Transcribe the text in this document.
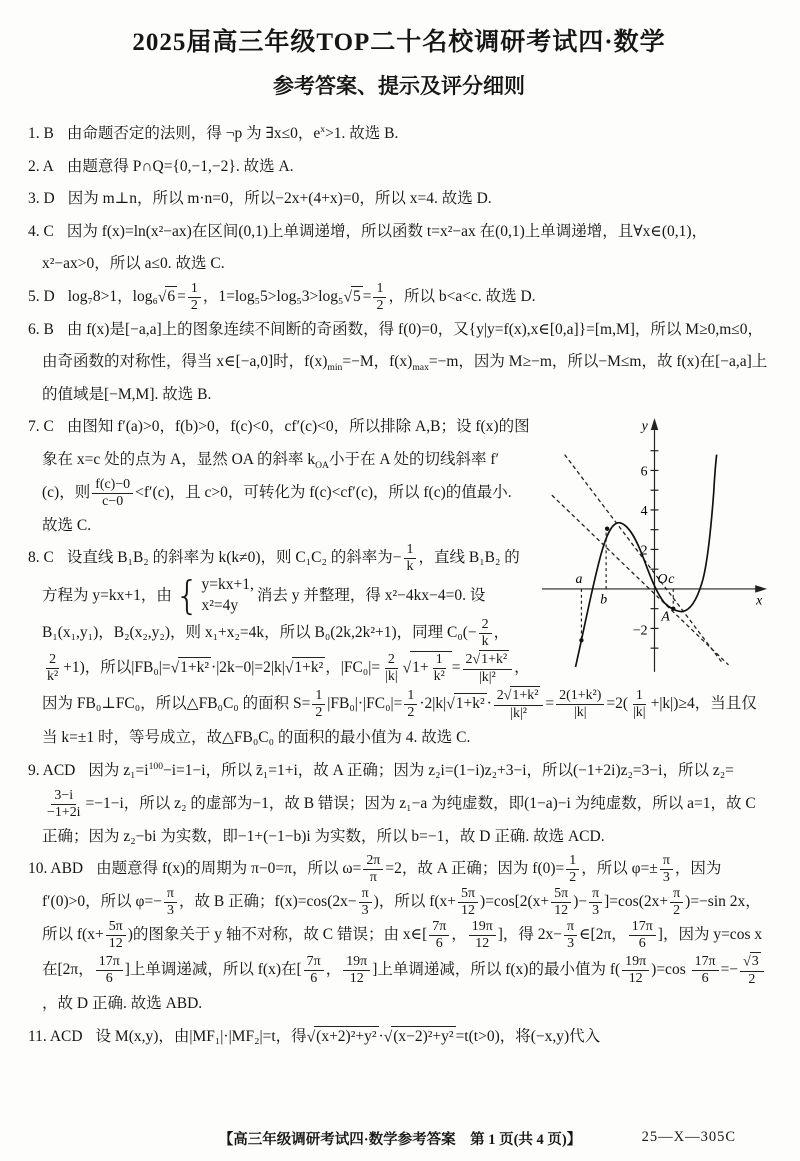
2025届高三年级TOP二十名校调研考试四·数学
参考答案、提示及评分细则
1. B 由命题否定的法则，得 ¬p 为 ∃x≤0，$e^x>1$. 故选 B.
2. A 由题意得 P∩Q={0,−1,−2}. 故选 A.
3. D 因为 m⊥n，所以 m·n=0，所以−2x+(4+x)=0，所以 x=4. 故选 D.
4. C 因为 f(x)=ln(x²−ax)在区间(0,1)上单调递增，所以函数 t=x²−ax 在(0,1)上单调递增，且∀x∈(0,1)，x²−ax>0，所以 a≤0. 故选 C.
5. D log₇8>1，$\log_6√6 = \frac{1}{2}$ ，$1=\log_55>\log_53>\log_5√5 = \frac{1}{2}$ ，所以 b<a<c. 故选 D.
6. B 由 f(x)是[−a,a]上的图象连续不间断的奇函数，得 f(0)=0，又{y|y=f(x),x∈[0,a]}=[m,M]，所以 M≥0,m≤0，由奇函数的对称性，得当 x∈[−a,0]时，$f(x)_{min}=-M$，$f(x)_{max}=-m$，因为 M≥−m，所以−M≤m，故 f(x)在[−a,a]上的值域是[−M,M]. 故选 B.
6
4
2
−2
a
b
O c
A
x
y
7. C 由图知 f′(a)>0，f(b)>0，f(c)<0，cf′(c)<0，所以排除 A,B；设 f(x)的图象在 x=c 处的点为 A，显然 OA 的斜率 $k_{OA}$小于在 A 处的切线斜率 f′(c)，则 $\frac{f(c)-0}{c-0} <f'(c)$，且 c>0，可转化为 f(c)<cf′(c)，所以 f(c)的值最小. 故选 C.
8. C 设直线 B₁B₂ 的斜率为 k(k≠0)，则 C₁C₂ 的斜率为− $\frac{1}{k}$ ，直线 B₁B₂ 的方程为 y=kx+1，由 { y=kx+1,
x²=4y
消去 y 并整理，得 x²−4kx−4=0. 设 B₁(x₁,y₁)，B₂(x₂,y₂)，则 x₁+x₂=4k，所以 B₀(2k,2k²+1)，同理 $C_0(- \frac{2}{k}$ ，
$\frac{2}{\text{k²}} +1$)，所以|FB₀|=√1+k² ·|2k−0|=2|k|√1+k² ，$|FC_0|= \frac{2}{|k|} √1+ \frac{1}{\text{k²}} = \frac{\text{2√1+k²}}{\text{|k|²}}$ ，因为 FB₀⊥FC₀，所以△FB₀C₀ 的面积 $S= \frac{1}{2} |FB_0|\cdot|FC_0|= \frac{1}{2} \cdot 2|k|√1+k^2 \cdot \frac{\text{2√1+k²}}{\text{|k|²}} = \frac{\text{2(1+k²)}}{|k|} =2( \frac{1}{|k|} +|k|)\ge 4$，当且仅当 k=±1 时，等号成立，故△FB₀C₀ 的面积的最小值为 4. 故选 C.
9. ACD 因为 $z_1=i^{100}-i=1-i$，所以 z̄₁=1+i，故 A 正确；因为 z₂i=(1−i)z₂+3−i，所以(−1+2i)z₂=3−i，所以 z₂=
$\frac{3-i}{-1+2i} =-1-i$，所以 z₂ 的虚部为−1，故 B 错误；因为 z₁−a 为纯虚数，即(1−a)−i 为纯虚数，所以 a=1，故 C 正确；因为 z₂−bi 为实数，即−1+(−1−b)i 为实数，所以 b=−1，故 D 正确. 故选 ACD.
10. ABD 由题意得 f(x)的周期为 π−0=π，所以 $\omega= \frac{2\pi}{\pi} =2$，故 A 正确；因为 $f(0)= \frac{1}{2}$ ，所以 $\varphi=\pm \frac{\pi}{3}$ ，因为 f′(0)>0，所以 $\varphi=- \frac{\pi}{3}$ ，故 B 正确；$f(x)=\cos(2x- \frac{\pi}{3}$ )，所以 $f(x+ \frac{5\pi}{12} )=\cos[2(x+ \frac{5\pi}{12}$ )− $\frac{\pi}{3} ]=\cos(2x+ \frac{\pi}{2} )=-\sin$ 2x，所以 $f(x+ \frac{5\pi}{12}$ )的图象关于 y 轴不对称，故 C 错误；由 x∈[ $\frac{7\pi}{6}$ ， $\frac{19\pi}{12}$ ]，得 $2x- \frac{\pi}{3}$ ∈[2π， $\frac{17\pi}{6}$ ]，因为 y=cos x 在[2π， $\frac{17\pi}{6}$ ]上单调递减，所以 f(x)在[ $\frac{7\pi}{6}$ ， $\frac{19\pi}{12}$ ]上单调递减，所以 f(x)的最小值为 $f( \frac{19\pi}{12} )=\cos \frac{17\pi}{6} =- \frac{√3}{2}$
，故 D 正确. 故选 ABD.
11. ACD 设 M(x,y)，由|MF₁|·|MF₂|=t，得√(x+2)²+y² ·√(x−2)²+y² =t(t>0)，将(−x,y)代入
【高三年级调研考试四·数学参考答案　第 1 页(共 4 页)】	25—X—305C
